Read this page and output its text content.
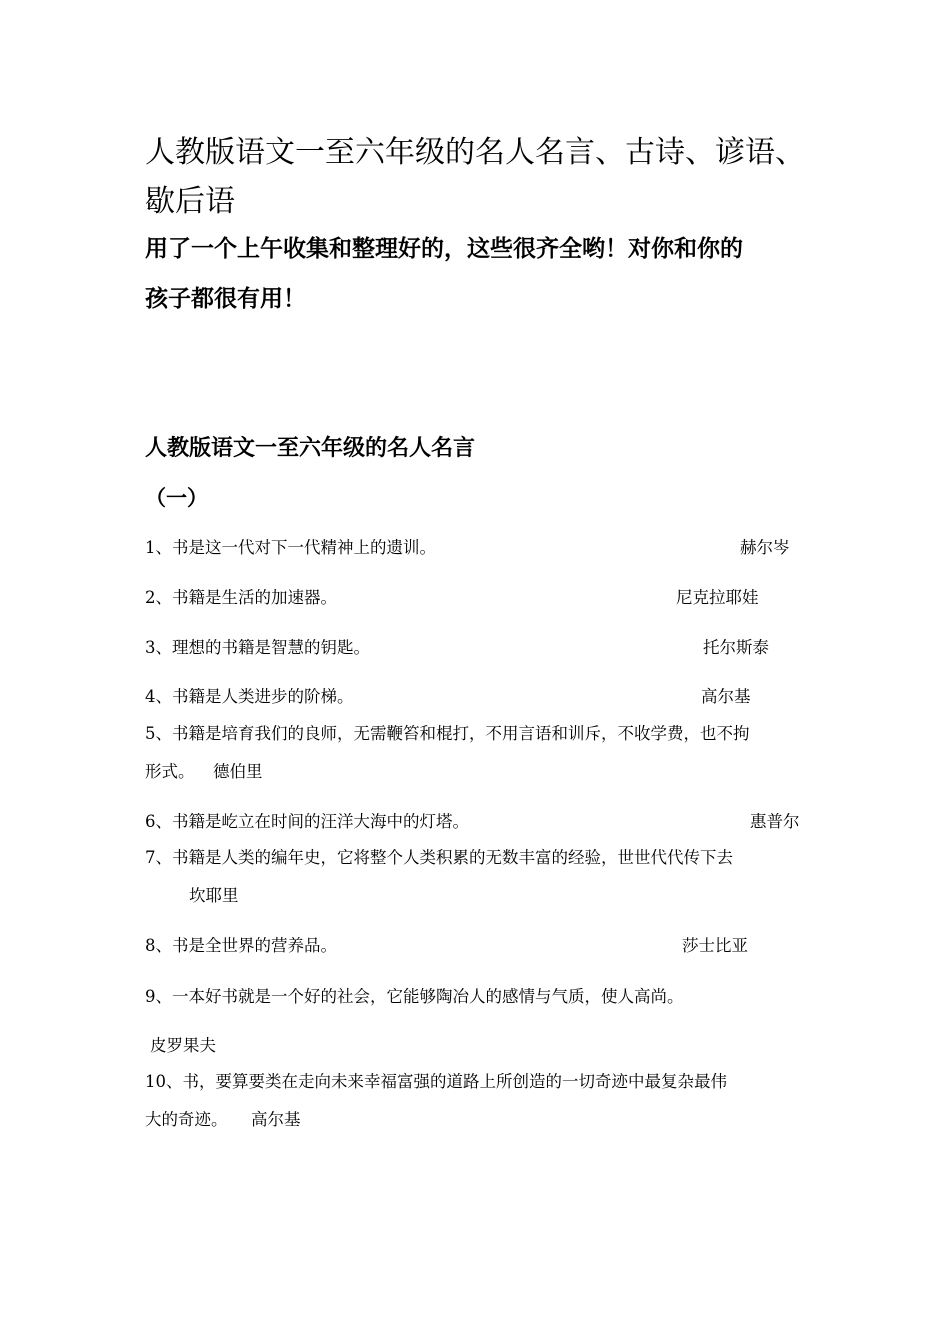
人教版语文一至六年级的名人名言、古诗、谚语、
歇后语
用了一个上午收集和整理好的，这些很齐全哟！对你和你的
孩子都很有用！
人教版语文一至六年级的名人名言
（一）
1、书是这一代对下一代精神上的遗训。	赫尔岑
2、书籍是生活的加速器。	尼克拉耶娃
3、理想的书籍是智慧的钥匙。	托尔斯泰
4、书籍是人类进步的阶梯。	高尔基
5、书籍是培育我们的良师，无需鞭笞和棍打，不用言语和训斥，不收学费，也不拘
形式。 德伯里
6、书籍是屹立在时间的汪洋大海中的灯塔。	惠普尔
7、书籍是人类的编年史，它将整个人类积累的无数丰富的经验，世世代代传下去
坎耶里
8、书是全世界的营养品。	莎士比亚
9、一本好书就是一个好的社会，它能够陶冶人的感情与气质，使人高尚。
皮罗果夫
10、书，要算要类在走向未来幸福富强的道路上所创造的一切奇迹中最复杂最伟
大的奇迹。 高尔基
